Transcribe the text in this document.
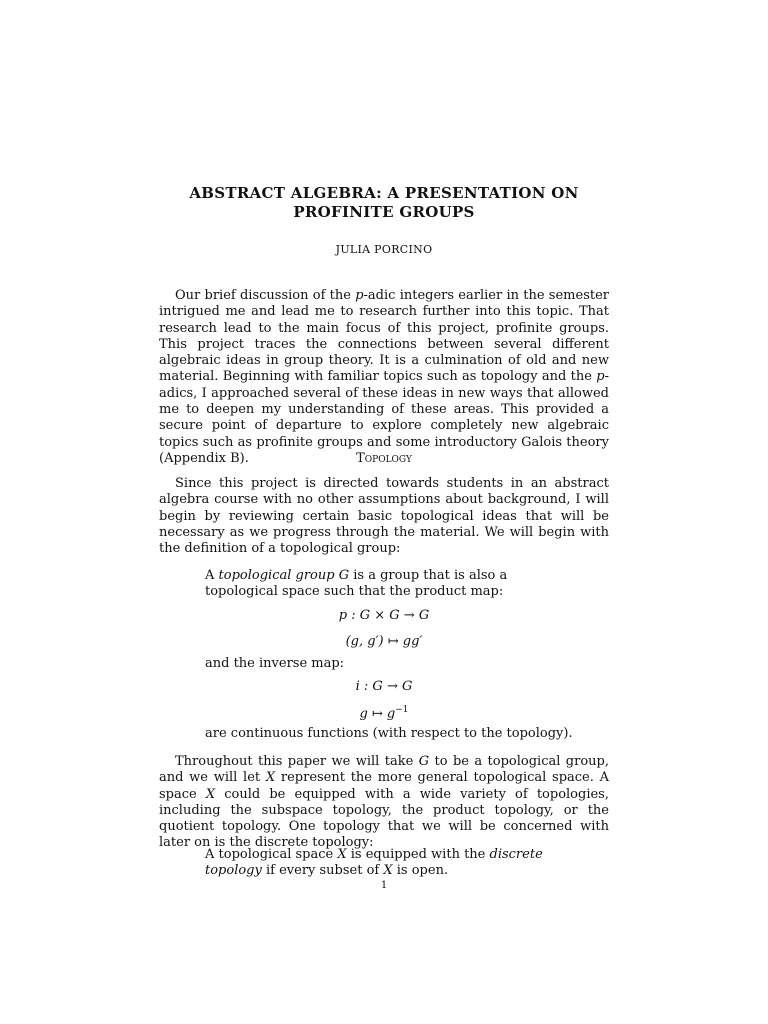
ABSTRACT ALGEBRA: A PRESENTATION ON
PROFINITE GROUPS
JULIA PORCINO

Our brief discussion of the p-adic integers earlier in the semester intrigued me and lead me to research further into this topic. That research lead to the main focus of this project, profinite groups. This project traces the connections between several different algebraic ideas in group theory. It is a culmination of old and new material. Beginning with familiar topics such as topology and the p-adics, I approached several of these ideas in new ways that allowed me to deepen my understanding of these areas. This provided a secure point of departure to explore completely new algebraic topics such as profinite groups and some introductory Galois theory (Appendix B).	Topology

Since this project is directed towards students in an abstract algebra course with no other assumptions about background, I will begin by reviewing certain basic topological ideas that will be necessary as we progress through the material. We will begin with the definition of a topological group:

A topological group G is a group that is also a topological space such that the product map:
p : G × G → G
(g, g′) ↦ gg′
and the inverse map:
i : G → G
g ↦ $g^{-1}$
are continuous functions (with respect to the topology).

Throughout this paper we will take G to be a topological group, and we will let X represent the more general topological space. A space X could be equipped with a wide variety of topologies, including the subspace topology, the product topology, or the quotient topology. One topology that we will be concerned with later on is the discrete topology:

A topological space X is equipped with the discrete topology if every subset of X is open.
1
